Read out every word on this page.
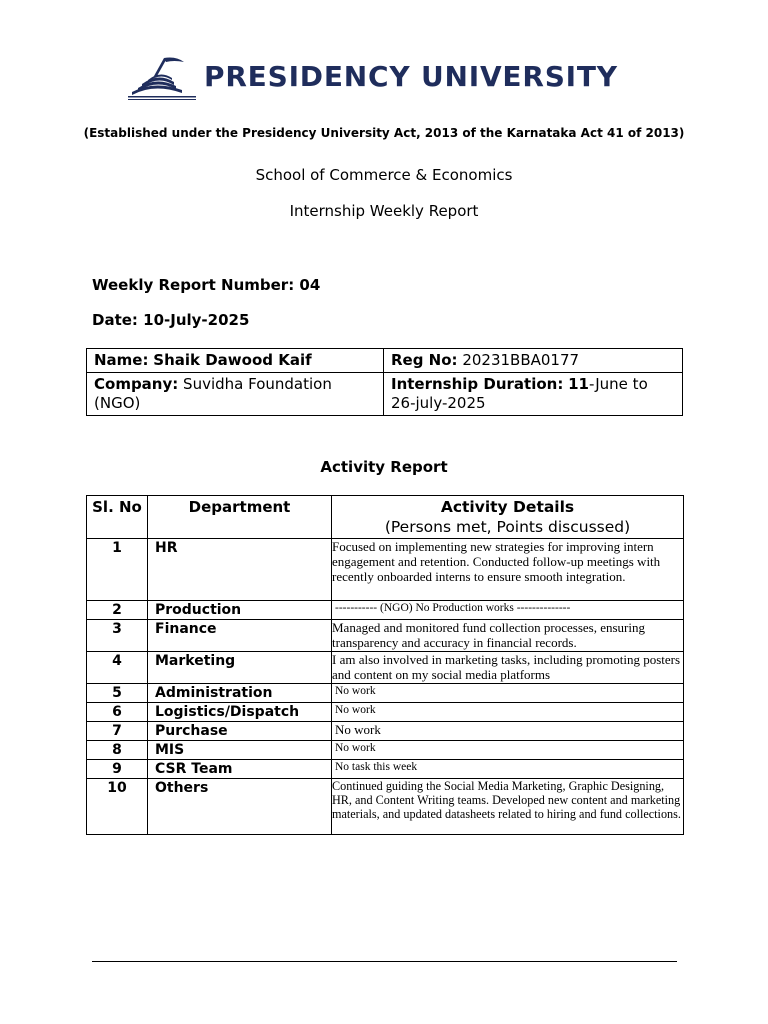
PRESIDENCY UNIVERSITY
(Established under the Presidency University Act, 2013 of the Karnataka Act 41 of 2013)
School of Commerce & Economics
Internship Weekly Report
Weekly Report Number: 04
Date: 10-July-2025
Name: Shaik Dawood Kaif	Reg No: 20231BBA0177
Company: Suvidha Foundation (NGO)	Internship Duration: 11-June to 26-july-2025
Activity Report
Sl. No	Department	Activity Details
(Persons met, Points discussed)

1	HR	Focused on implementing new strategies for improving intern engagement and retention. Conducted follow-up meetings with recently onboarded interns to ensure smooth integration.
2	Production	----------- (NGO) No Production works --------------
3	Finance	Managed and monitored fund collection processes, ensuring transparency and accuracy in financial records.
4	Marketing	I am also involved in marketing tasks, including promoting posters and content on my social media platforms
5	Administration	No work
6	Logistics/Dispatch	No work
7	Purchase	No work
8	MIS	No work
9	CSR Team	No task this week
10	Others	Continued guiding the Social Media Marketing, Graphic Designing, HR, and Content Writing teams. Developed new content and marketing materials, and updated datasheets related to hiring and fund collections.
